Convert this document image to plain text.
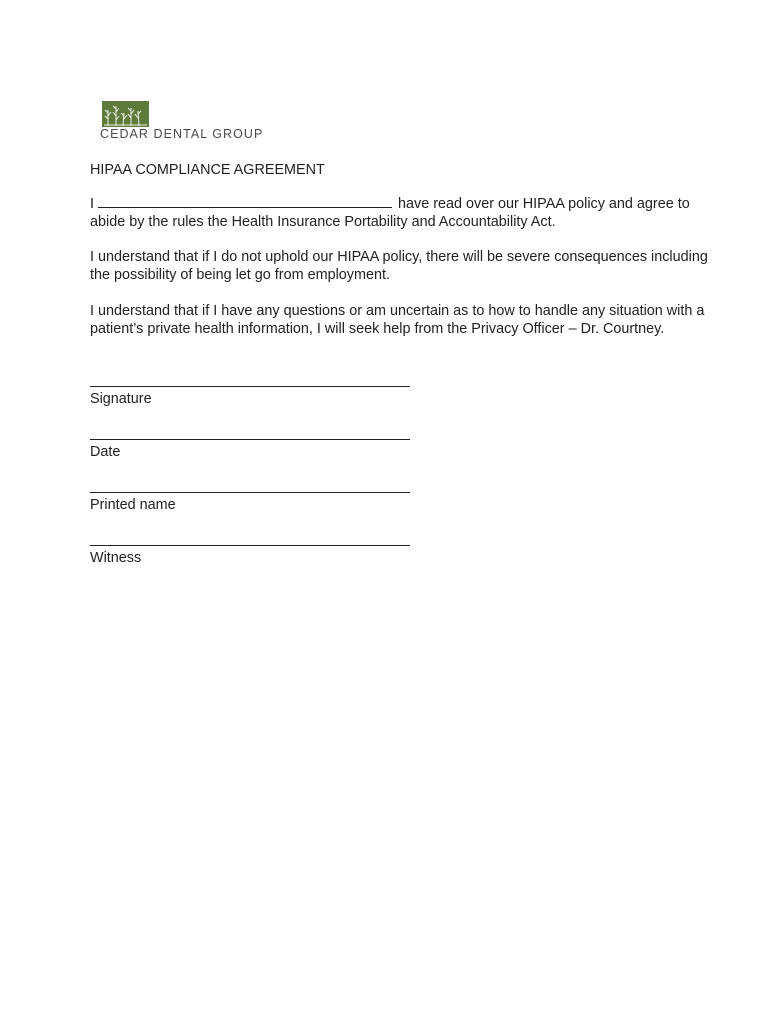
CEDAR DENTAL GROUP
HIPAA COMPLIANCE AGREEMENT
I	have read over our HIPAA policy and agree to abide by the rules the Health Insurance Portability and Accountability Act.
I understand that if I do not uphold our HIPAA policy, there will be severe consequences including the possibility of being let go from employment.
I understand that if I have any questions or am uncertain as to how to handle any situation with a patient’s private health information, I will seek help from the Privacy Officer – Dr. Courtney.
Signature
Date
Printed name
Witness
